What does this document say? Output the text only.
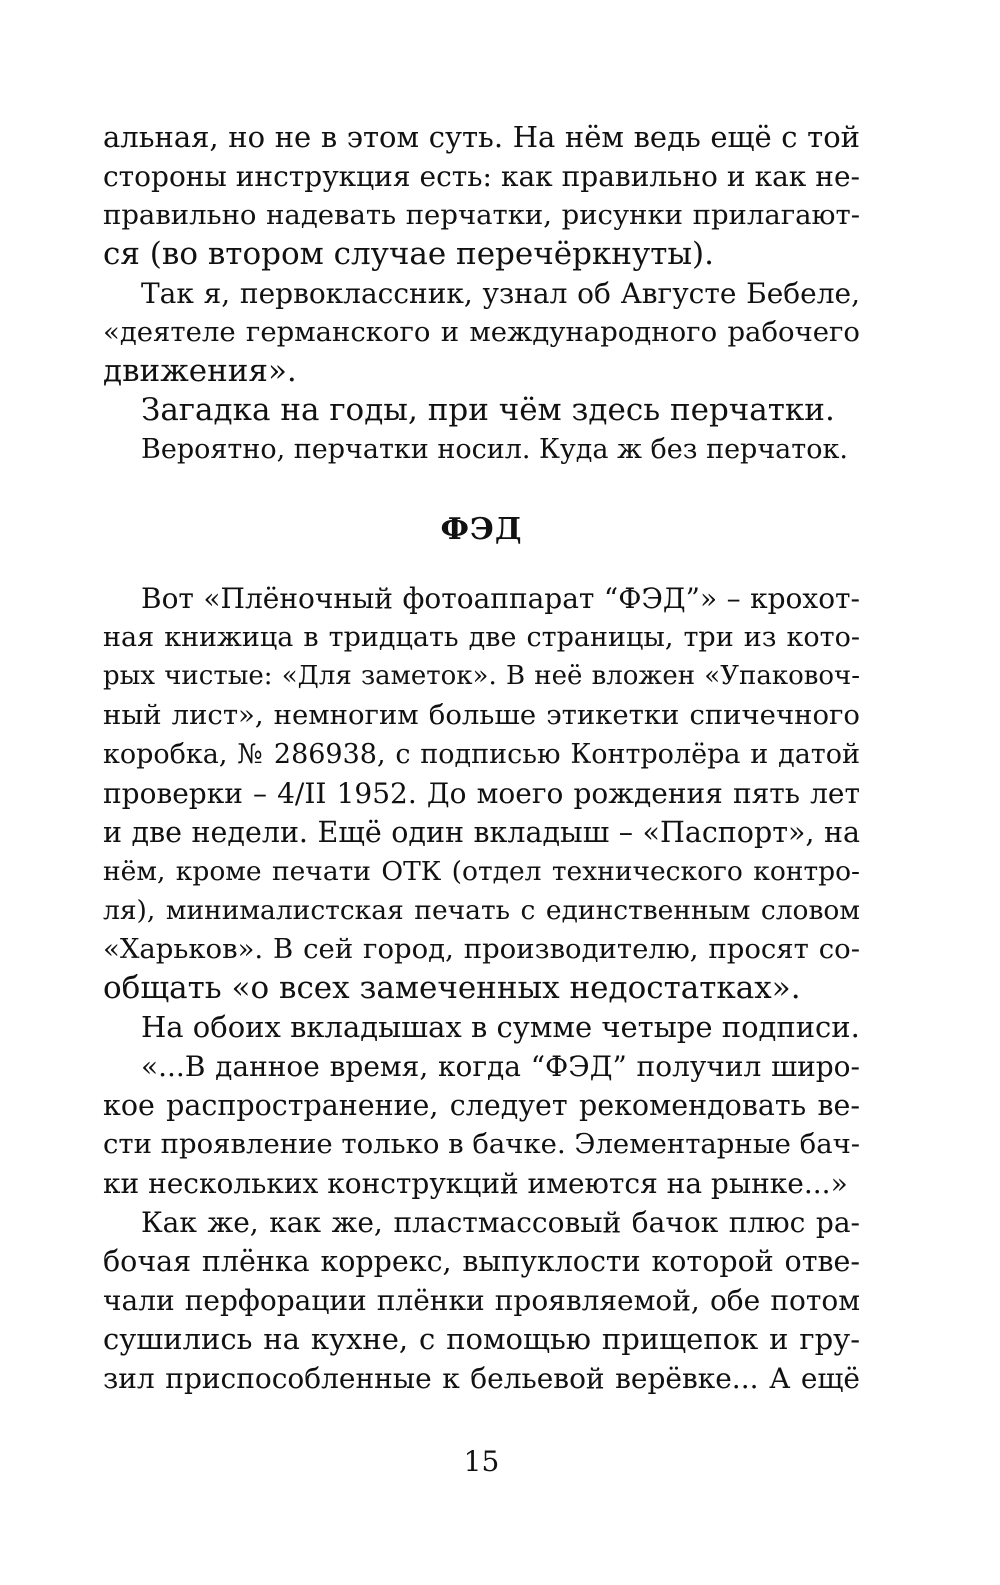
альная, но не в этом суть. На нём ведь ещё с той
стороны инструкция есть: как правильно и как не-
правильно надевать перчатки, рисунки прилагают-
ся (во втором случае перечёркнуты).
Так я, первоклассник, узнал об Августе Бебеле,
«деятеле германского и международного рабочего
движения».
Загадка на годы, при чём здесь перчатки.
Вероятно, перчатки носил. Куда ж без перчаток.
ФЭД
Вот «Плёночный фотоаппарат “ФЭД”» – крохот-
ная книжица в тридцать две страницы, три из кото-
рых чистые: «Для заметок». В неё вложен «Упаковоч-
ный лист», немногим больше этикетки спичечного
коробка, № 286938, с подписью Контролёра и датой
проверки – 4/II 1952. До моего рождения пять лет
и две недели. Ещё один вкладыш – «Паспорт», на
нём, кроме печати ОТК (отдел технического контро-
ля), минималистская печать с единственным словом
«Харьков». В сей город, производителю, просят со-
общать «о всех замеченных недостатках».
На обоих вкладышах в сумме четыре подписи.
«...В данное время, когда “ФЭД” получил широ-
кое распространение, следует рекомендовать ве-
сти проявление только в бачке. Элементарные бач-
ки нескольких конструкций имеются на рынке...»
Как же, как же, пластмассовый бачок плюс ра-
бочая плёнка коррекс, выпуклости которой отве-
чали перфорации плёнки проявляемой, обе потом
сушились на кухне, с помощью прищепок и гру-
зил приспособленные к бельевой верёвке... А ещё
15
